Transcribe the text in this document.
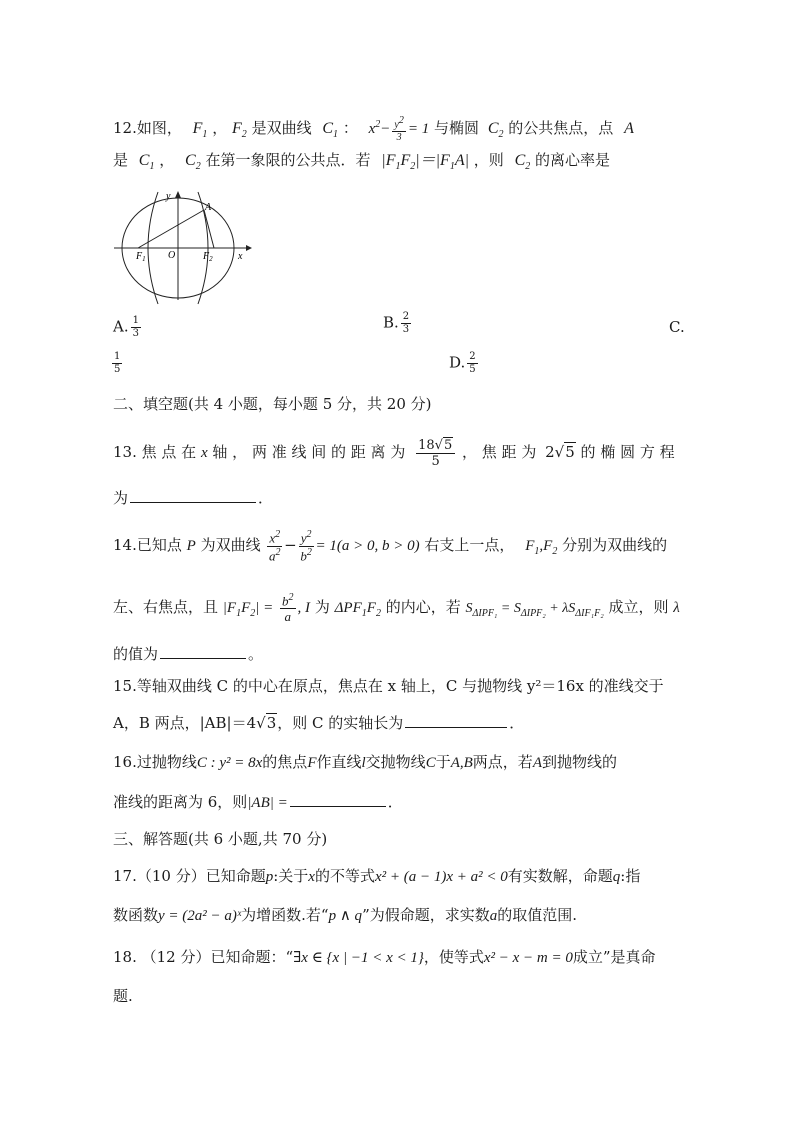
12.如图， $F_1$ ， $F_2$ 是双曲线 $C_1$ ： $x^2- \frac{y^2}{3} = 1$ 与椭圆 $C_2$ 的公共焦点，点 A
是 $C_1$ ， $C_2$ 在第一象限的公共点．若 $|F_1F_2|=|F_1A|$ ，则 $C_2$ 的离心率是
y
A
$F_1$ O	$F_2$	x
A. $\frac{1}{3}$	B. $\frac{2}{3}$	C.
$\frac{1}{5}$	D. $\frac{2}{5}$
二、填空题(共 4 小题，每小题 5 分，共 20 分)
13. 焦 点 在 x 轴 ， 两 准 线 间 的 距 离 为 $\frac{18√5}{5}$ ， 焦 距 为 2√5 的 椭 圆 方 程
为	．
14.已知点 P 为双曲线 $\frac{x^2}{a^2} - \frac{y^2}{b^2} = 1(a > 0$, b > 0) 右支上一点， $F_1,F_2$ 分别为双曲线的
左、右焦点，且 $|F_1F_2| = \frac{b^2}{a}$ , I 为 $\Delta PF_1F_2$ 的内心，若 $S_{\Delta IPF_1} = S_{\Delta IPF_2} + \lambda S_{\Delta IF_1F_2}$ 成立，则 λ
的值为	。
15.等轴双曲线 C 的中心在原点，焦点在 x 轴上，C 与抛物线 y²＝16x 的准线交于
A，B 两点，|AB|＝4√3，则 C 的实轴长为	．
16.过抛物线C : y² = 8x的焦点F作直线l交抛物线C于A,B两点，若A到抛物线的
准线的距离为 6，则|AB| =	．
三、解答题(共 6 小题,共 70 分)
17.（10 分）已知命题p:关于x的不等式x² + (a − 1)x + a² < 0有实数解，命题q:指
数函数y = (2a² − a)ˣ为增函数.若“p ∧ q”为假命题，求实数a的取值范围.
18. （12 分）已知命题：“∃x ∈ {x | −1 < x < 1}，使等式x² − x − m = 0成立”是真命
题.
